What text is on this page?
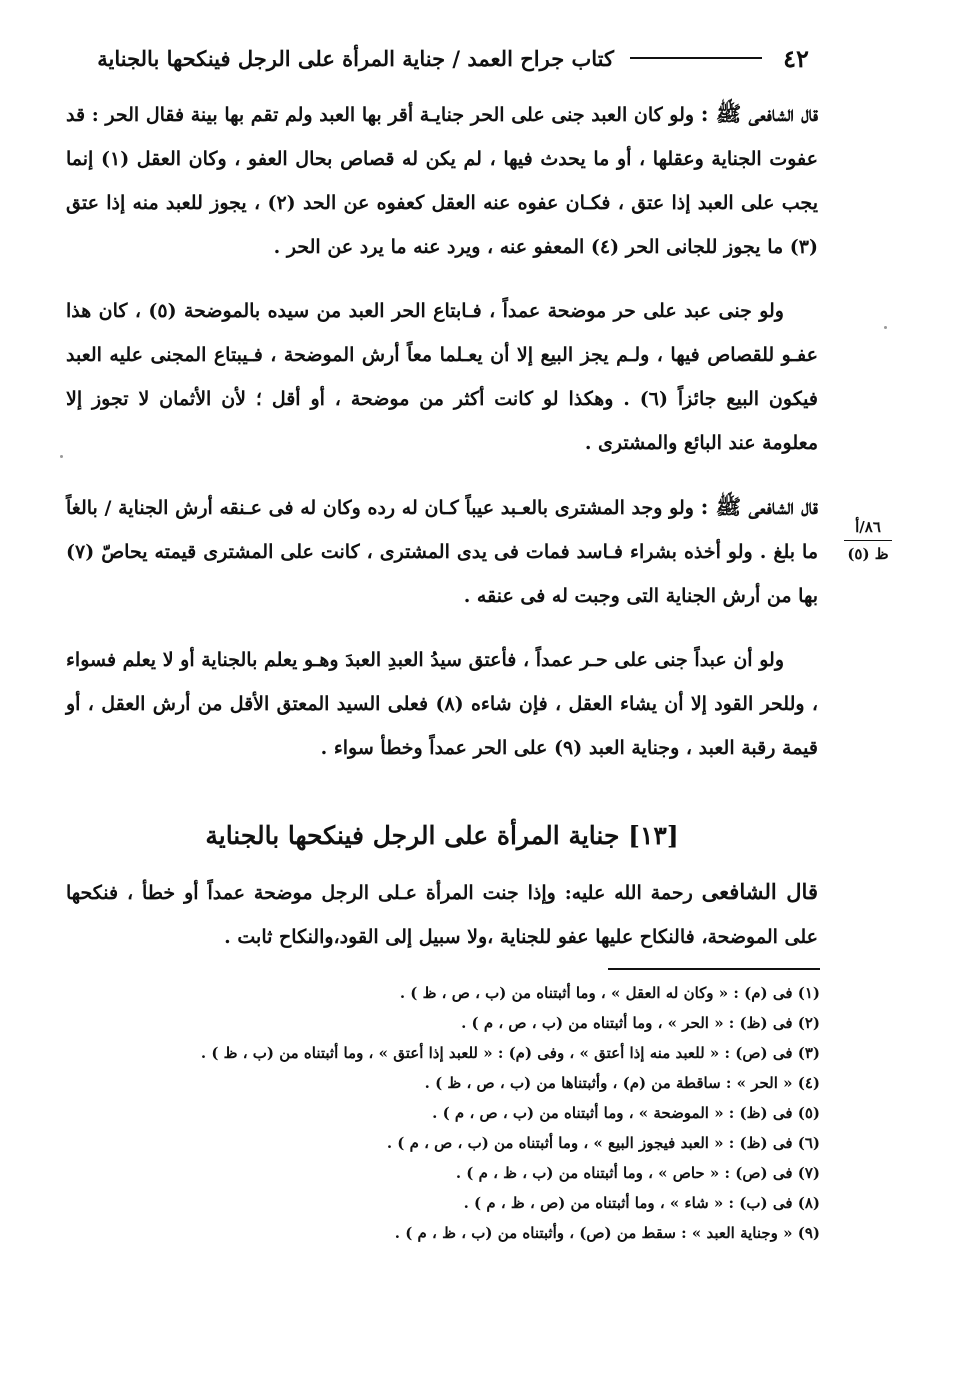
٤٢
كتاب جراح العمد / جناية المرأة على الرجل فينكحها بالجناية

قال الشافعى ﷺ : ولو كان العبد جنى على الحر جنايـة أقر بها العبد ولم تقم بها بينة فقال الحر : قد عفوت الجناية وعقلها ، أو ما يحدث فيها ، لم يكن له قصاص بحال العفو ، وكان العقل (١) إنما يجب على العبد إذا عتق ، فكـان عفوه عنه العقل كعفوه عن الحد (٢) ، يجوز للعبد منه إذا عتق (٣) ما يجوز للجانى الحر (٤) المعفو عنه ، ويرد عنه ما يرد عن الحر .

ولو جنى عبد على حر موضحة عمداً ، فـابتاع الحر العبد من سيده بالموضحة (٥) ، كان هذا عفـو للقصاص فيها ، ولـم يجز البيع إلا أن يعـلما معاً أرش الموضحة ، فـيبتاع المجنى عليه العبد فيكون البيع جائزاً (٦) . وهكذا لو كانت أكثر من موضحة ، أو أقل ؛ لأن الأثمان لا تجوز إلا معلومة عند البائع والمشترى .

قال الشافعى ﷺ : ولو وجد المشترى بالعـبد عيباً كـان له رده وكان له فى عـنقه أرش الجناية / بالغاً ما بلغ . ولو أخذه بشراء فـاسد فمات فى يدى المشترى ، كانت على المشترى قيمته يحاصّ (٧) بها من أرش الجناية التى وجبت له فى عنقه .

ولو أن عبداً جنى على حـر عمداً ، فأعتق سيدُ العبدِ العبدَ وهـو يعلم بالجناية أو لا يعلم فسواء ، وللحر القود إلا أن يشاء العقل ، فإن شاءه (٨) فعلى السيد المعتق الأقل من أرش العقل ، أو قيمة رقبة العبد ، وجناية العبد (٩) على الحر عمداً وخطأ سواء .

[١٣] جناية المرأة على الرجل فينكحها بالجناية

قال الشافعى رحمة الله عليه: وإذا جنت المرأة عـلى الرجل موضحة عمداً أو خطأ ، فنكحها على الموضحة، فالنكاح عليها عفو للجناية ،ولا سبيل إلى القود،والنكاح ثابت .

٨٦/أ
ظ (٥)
(١) فى (م) : « وكان له العقل » ، وما أثبتناه من (ب ، ص ، ظ ) .
(٢) فى (ظ) : « الحر » ، وما أثبتناه من (ب ، ص ، م ) .
(٣) فى (ص) : « للعبد منه إذا أعتق » ، وفى (م) : « للعبد إذا أعتق » ، وما أثبتناه من (ب ، ظ ) .
(٤) « الحر » : ساقطة من (م) ، وأثبتناها من (ب ، ص ، ظ ) .
(٥) فى (ظ) : « الموضحة » ، وما أثبتناه من (ب ، ص ، م ) .
(٦) فى (ظ) : « العبد فيجوز البيع » ، وما أثبتناه من (ب ، ص ، م ) .
(٧) فى (ص) : « حاص » ، وما أثبتناه من (ب ، ظ ، م ) .
(٨) فى (ب) : « شاء » ، وما أثبتناه من (ص ، ظ ، م ) .
(٩) « وجناية العبد » : سقط من (ص) ، وأثبتناه من (ب ، ظ ، م ) .
